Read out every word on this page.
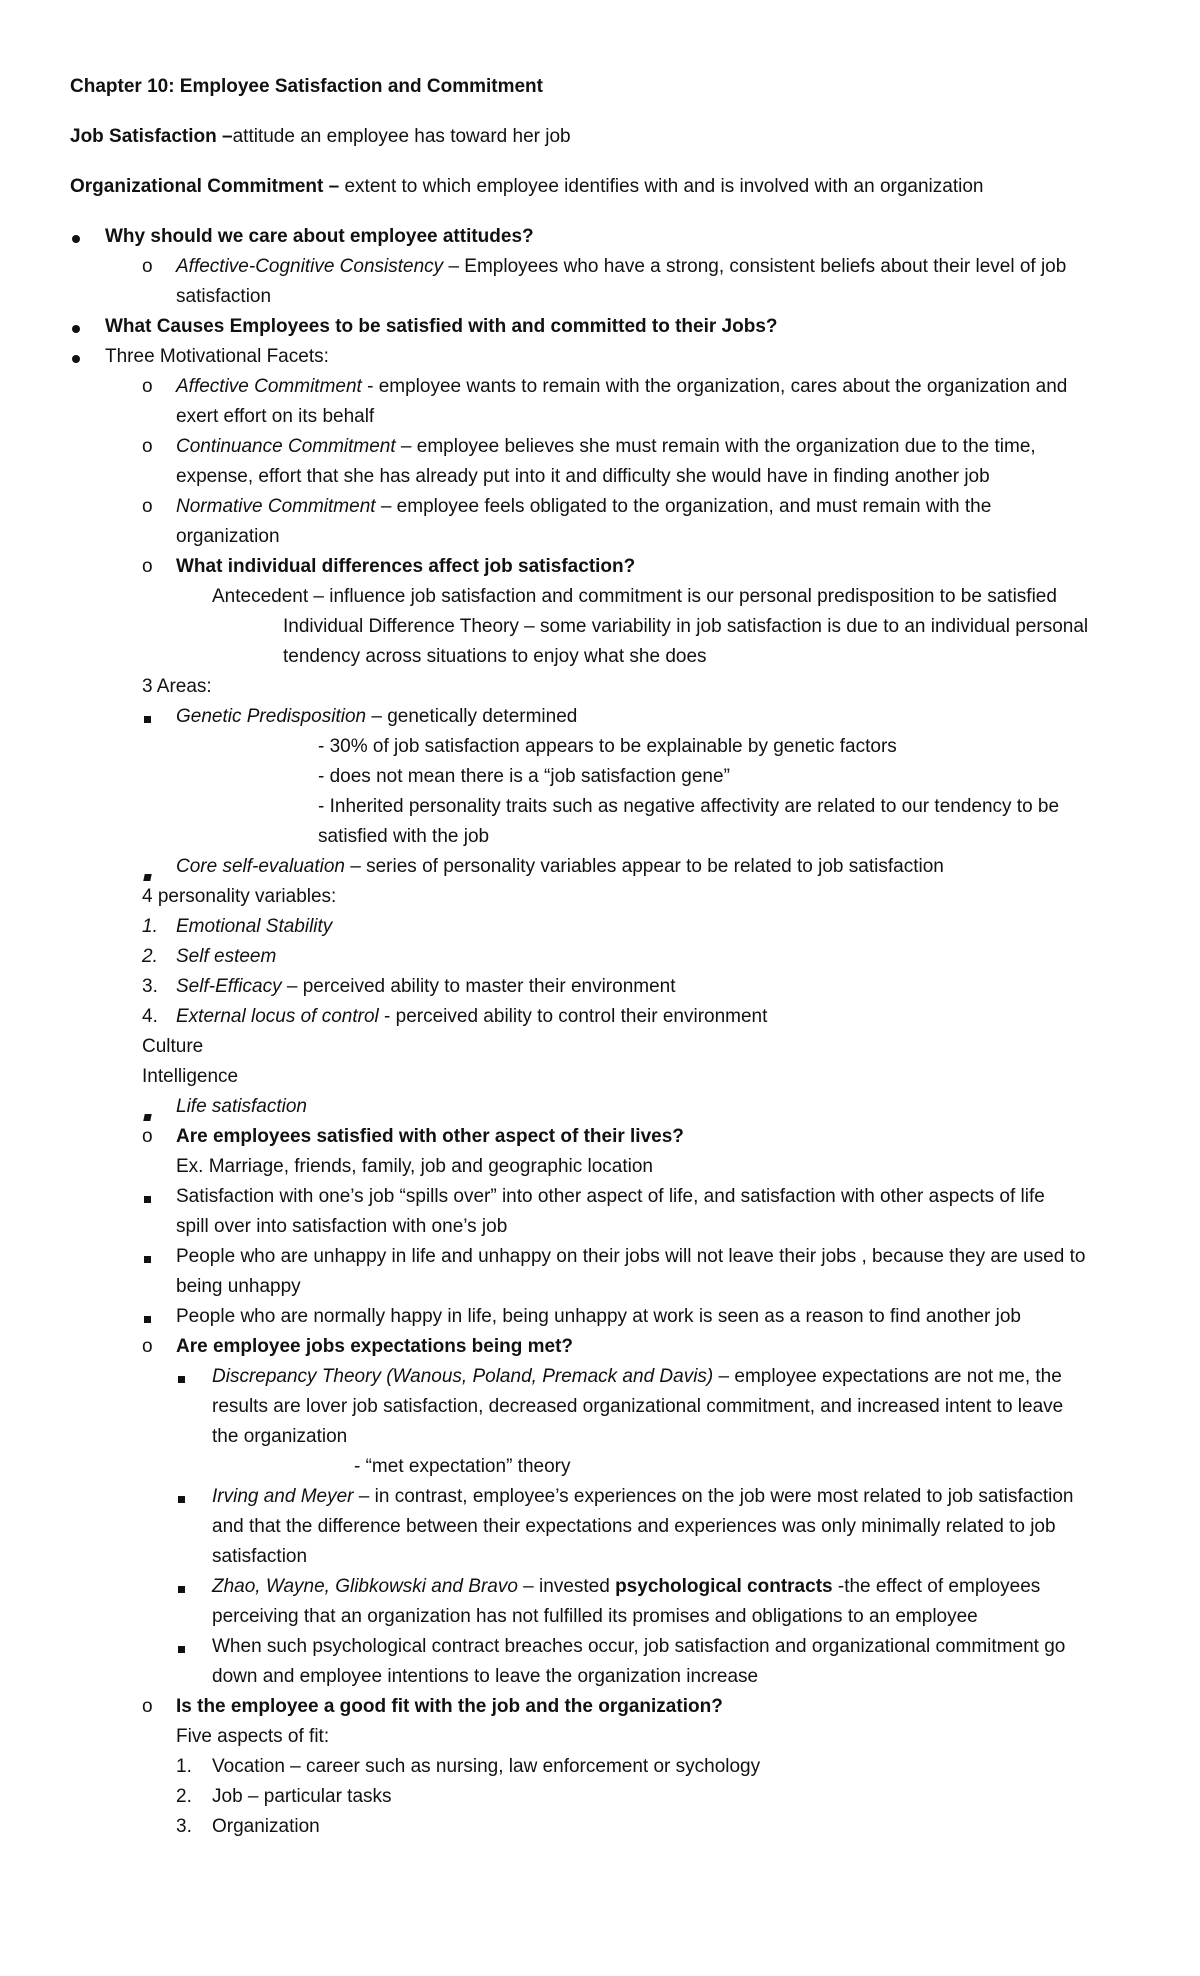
Chapter 10: Employee Satisfaction and Commitment
Job Satisfaction –attitude an employee has toward her job
Organizational Commitment – extent to which employee identifies with and is involved with an organization
Why should we care about employee attitudes?
o Affective-Cognitive Consistency – Employees who have a strong, consistent beliefs about their level of job
satisfaction
What Causes Employees to be satisfied with and committed to their Jobs?
Three Motivational Facets:
o Affective Commitment - employee wants to remain with the organization, cares about the organization and
exert effort on its behalf
o Continuance Commitment – employee believes she must remain with the organization due to the time,
expense, effort that she has already put into it and difficulty she would have in finding another job
o Normative Commitment – employee feels obligated to the organization, and must remain with the
organization
o What individual differences affect job satisfaction?
Antecedent – influence job satisfaction and commitment is our personal predisposition to be satisfied
Individual Difference Theory – some variability in job satisfaction is due to an individual personal
tendency across situations to enjoy what she does
3 Areas:
Genetic Predisposition – genetically determined
- 30% of job satisfaction appears to be explainable by genetic factors
- does not mean there is a “job satisfaction gene”
- Inherited personality traits such as negative affectivity are related to our tendency to be
satisfied with the job
Core self-evaluation – series of personality variables appear to be related to job satisfaction
4 personality variables:
1. Emotional Stability
2. Self esteem
3. Self-Efficacy – perceived ability to master their environment
4. External locus of control - perceived ability to control their environment
Culture
Intelligence
Life satisfaction
o Are employees satisfied with other aspect of their lives?
Ex. Marriage, friends, family, job and geographic location
Satisfaction with one’s job “spills over” into other aspect of life, and satisfaction with other aspects of life
spill over into satisfaction with one’s job
People who are unhappy in life and unhappy on their jobs will not leave their jobs , because they are used to
being unhappy
People who are normally happy in life, being unhappy at work is seen as a reason to find another job
o Are employee jobs expectations being met?
Discrepancy Theory (Wanous, Poland, Premack and Davis) – employee expectations are not me, the
results are lover job satisfaction, decreased organizational commitment, and increased intent to leave
the organization
- “met expectation” theory
Irving and Meyer – in contrast, employee’s experiences on the job were most related to job satisfaction
and that the difference between their expectations and experiences was only minimally related to job
satisfaction
Zhao, Wayne, Glibkowski and Bravo – invested psychological contracts -the effect of employees
perceiving that an organization has not fulfilled its promises and obligations to an employee
When such psychological contract breaches occur, job satisfaction and organizational commitment go
down and employee intentions to leave the organization increase
o Is the employee a good fit with the job and the organization?
Five aspects of fit:
1. Vocation – career such as nursing, law enforcement or sychology
2. Job – particular tasks
3. Organization
